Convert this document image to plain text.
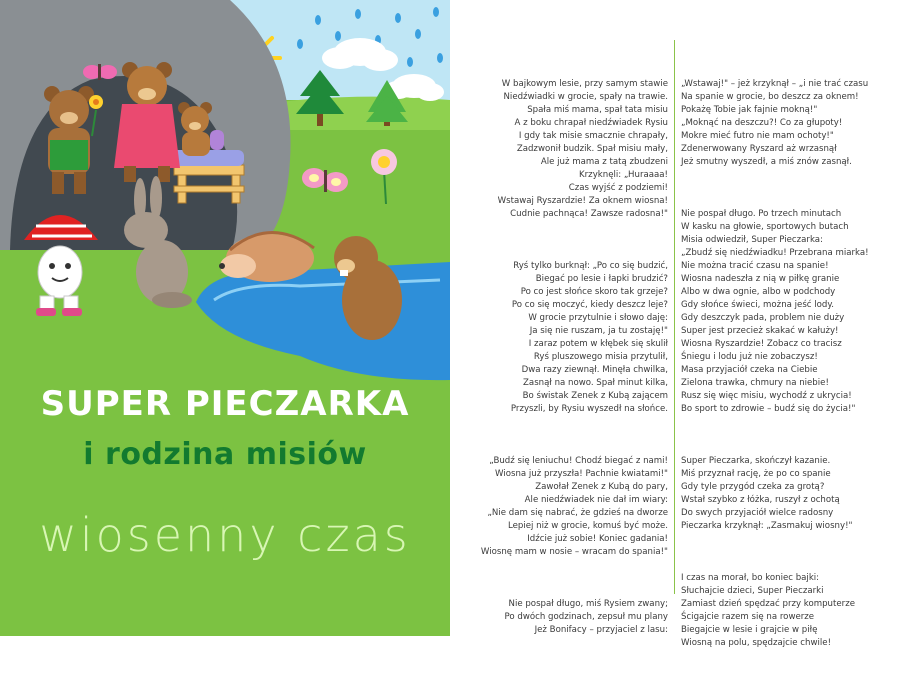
SUPER PIECZARKA
i rodzina misiów
wiosenny czas

W bajkowym lesie, przy samym stawie
Niedźwiadki w grocie, spały na trawie.
Spała miś mama, spał tata misiu
A z boku chrapał niedźwiadek Rysiu
I gdy tak misie smacznie chrapały,
Zadzwonił budzik. Spał misiu mały,
Ale już mama z tatą zbudzeni
Krzyknęli: „Huraaaa!
Czas wyjść z podziemi!
Wstawaj Ryszardzie! Za oknem wiosna!
Cudnie pachnąca! Zawsze radosna!"

Ryś tylko burknął: „Po co się budzić,
Biegać po lesie i łapki brudzić?
Po co jest słońce skoro tak grzeje?
Po co się moczyć, kiedy deszcz leje?
W grocie przytulnie i słowo daję:
Ja się nie ruszam, ja tu zostaję!"
I zaraz potem w kłębek się skulił
Ryś pluszowego misia przytulił,
Dwa razy ziewnął. Minęła chwilka,
Zasnął na nowo. Spał minut kilka,
Bo świstak Zenek z Kubą zającem
Przyszli, by Rysiu wyszedł na słońce.

„Budź się leniuchu! Chodź biegać z nami!
Wiosna już przyszła! Pachnie kwiatami!"
Zawołał Zenek z Kubą do pary,
Ale niedźwiadek nie dał im wiary:
„Nie dam się nabrać, że gdzieś na dworze
Lepiej niż w grocie, komuś być może.
Idźcie już sobie! Koniec gadania!
Wiosnę mam w nosie – wracam do spania!"

Nie pospał długo, miś Rysiem zwany;
Po dwóch godzinach, zepsuł mu plany
Jeż Bonifacy – przyjaciel z lasu:

„Wstawaj!" – jeż krzyknął – „i nie trać czasu
Na spanie w grocie, bo deszcz za oknem!
Pokażę Tobie jak fajnie mokną!"
„Moknąć na deszczu?! Co za głupoty!
Mokre mieć futro nie mam ochoty!"
Zdenerwowany Ryszard aż wrzasnął
Jeż smutny wyszedł, a miś znów zasnął.

Nie pospał długo. Po trzech minutach
W kasku na głowie, sportowych butach
Misia odwiedził, Super Pieczarka:
„Zbudź się niedźwiadku! Przebrana miarka!
Nie można tracić czasu na spanie!
Wiosna nadeszła z nią w piłkę granie
Albo w dwa ognie, albo w podchody
Gdy słońce świeci, można jeść lody.
Gdy deszczyk pada, problem nie duży
Super jest przecież skakać w kałuży!
Wiosna Ryszardzie! Zobacz co tracisz
Śniegu i lodu już nie zobaczysz!
Masa przyjaciół czeka na Ciebie
Zielona trawka, chmury na niebie!
Rusz się więc misiu, wychodź z ukrycia!
Bo sport to zdrowie – budź się do życia!"

Super Pieczarka, skończył kazanie.
Miś przyznał rację, że po co spanie
Gdy tyle przygód czeka za grotą?
Wstał szybko z łóżka, ruszył z ochotą
Do swych przyjaciół wielce radosny
Pieczarka krzyknął: „Zasmakuj wiosny!"

I czas na morał, bo koniec bajki:
Słuchajcie dzieci, Super Pieczarki
Zamiast dzień spędzać przy komputerze
Ścigajcie razem się na rowerze
Biegajcie w lesie i grajcie w piłę
Wiosną na polu, spędzajcie chwile!
